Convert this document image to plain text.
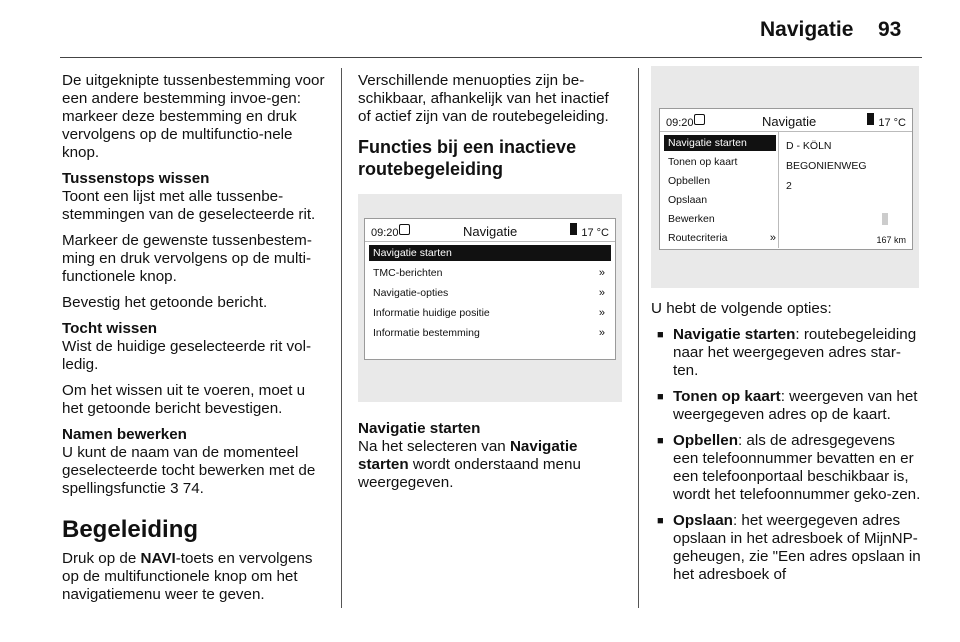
Navigatie 93

De uitgeknipte tussenbestemming voor een andere bestemming invoe-gen: markeer deze bestemming en druk vervolgens op de multifunctio-nele knop.

Tussenstops wissen

Toont een lijst met alle tussenbe-stemmingen van de geselecteerde rit.

Markeer de gewenste tussenbestem-ming en druk vervolgens op de multi-functionele knop.

Bevestig het getoonde bericht.

Tocht wissen

Wist de huidige geselecteerde rit vol-ledig.

Om het wissen uit te voeren, moet u het getoonde bericht bevestigen.

Namen bewerken

U kunt de naam van de momenteel geselecteerde tocht bewerken met de spellingsfunctie 3 74.

Begeleiding

Druk op de NAVI-toets en vervolgens op de multifunctionele knop om het navigatiemenu weer te geven.

Verschillende menuopties zijn be-schikbaar, afhankelijk van het inactief of actief zijn van de routebegeleiding.

Functies bij een inactieve routebegeleiding
09:20	Navigatie	17 °C
Navigatie starten
TMC-berichten	»
Navigatie-opties	»
Informatie huidige positie	»
Informatie bestemming	»

Navigatie starten

Na het selecteren van Navigatie starten wordt onderstaand menu weergegeven.

09:20	Navigatie	17 °C
Navigatie starten
Tonen op kaart
Opbellen
Opslaan
Bewerken
Routecriteria	»
D - KÖLN
BEGONIENWEG
2
167 km

U hebt de volgende opties:

■ Navigatie starten: routebegeleiding naar het weergegeven adres star-ten.
■ Tonen op kaart: weergeven van het weergegeven adres op de kaart.
■ Opbellen: als de adresgegevens een telefoonnummer bevatten en er een telefoonportaal beschikbaar is, wordt het telefoonnummer geko-zen.
■ Opslaan: het weergegeven adres opslaan in het adresboek of MijnNP-geheugen, zie "Een adres opslaan in het adresboek of
